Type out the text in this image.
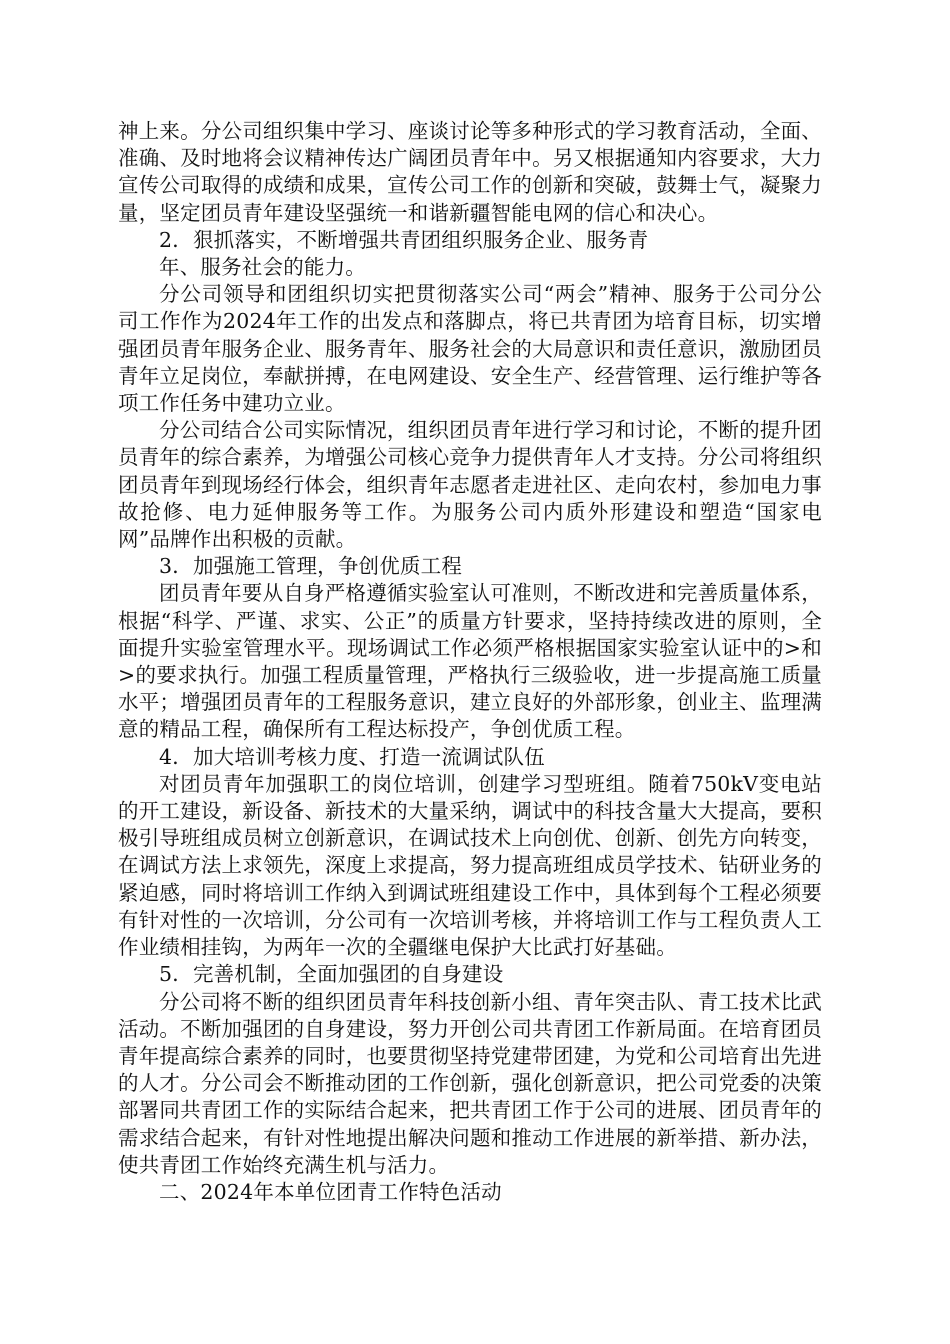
神上来。分公司组织集中学习、座谈讨论等多种形式的学习教育活动，全面、准确、及时地将会议精神传达广阔团员青年中。另又根据通知内容要求，大力宣传公司取得的成绩和成果，宣传公司工作的创新和突破，鼓舞士气，凝聚力量，坚定团员青年建设坚强统一和谐新疆智能电网的信心和决心。

2．狠抓落实，不断增强共青团组织服务企业、服务青

年、服务社会的能力。

分公司领导和团组织切实把贯彻落实公司“两会”精神、服务于公司分公司工作作为2024年工作的出发点和落脚点，将已共青团为培育目标，切实增强团员青年服务企业、服务青年、服务社会的大局意识和责任意识，激励团员青年立足岗位，奉献拼搏，在电网建设、安全生产、经营管理、运行维护等各项工作任务中建功立业。

分公司结合公司实际情况，组织团员青年进行学习和讨论，不断的提升团员青年的综合素养，为增强公司核心竞争力提供青年人才支持。分公司将组织团员青年到现场经行体会，组织青年志愿者走进社区、走向农村，参加电力事故抢修、电力延伸服务等工作。为服务公司内质外形建设和塑造“国家电网”品牌作出积极的贡献。

3．加强施工管理，争创优质工程

团员青年要从自身严格遵循实验室认可准则，不断改进和完善质量体系，根据“科学、严谨、求实、公正”的质量方针要求，坚持持续改进的原则，全面提升实验室管理水平。现场调试工作必须严格根据国家实验室认证中的>和>的要求执行。加强工程质量管理，严格执行三级验收，进一步提高施工质量水平；增强团员青年的工程服务意识，建立良好的外部形象，创业主、监理满意的精品工程，确保所有工程达标投产，争创优质工程。

4．加大培训考核力度、打造一流调试队伍

对团员青年加强职工的岗位培训，创建学习型班组。随着750kV变电站的开工建设，新设备、新技术的大量采纳，调试中的科技含量大大提高，要积极引导班组成员树立创新意识，在调试技术上向创优、创新、创先方向转变，在调试方法上求领先，深度上求提高，努力提高班组成员学技术、钻研业务的紧迫感，同时将培训工作纳入到调试班组建设工作中，具体到每个工程必须要有针对性的一次培训，分公司有一次培训考核，并将培训工作与工程负责人工作业绩相挂钩，为两年一次的全疆继电保护大比武打好基础。

5．完善机制，全面加强团的自身建设

分公司将不断的组织团员青年科技创新小组、青年突击队、青工技术比武活动。不断加强团的自身建设，努力开创公司共青团工作新局面。在培育团员青年提高综合素养的同时，也要贯彻坚持党建带团建，为党和公司培育出先进的人才。分公司会不断推动团的工作创新，强化创新意识，把公司党委的决策部署同共青团工作的实际结合起来，把共青团工作于公司的进展、团员青年的需求结合起来，有针对性地提出解决问题和推动工作进展的新举措、新办法，使共青团工作始终充满生机与活力。

二、2024年本单位团青工作特色活动
